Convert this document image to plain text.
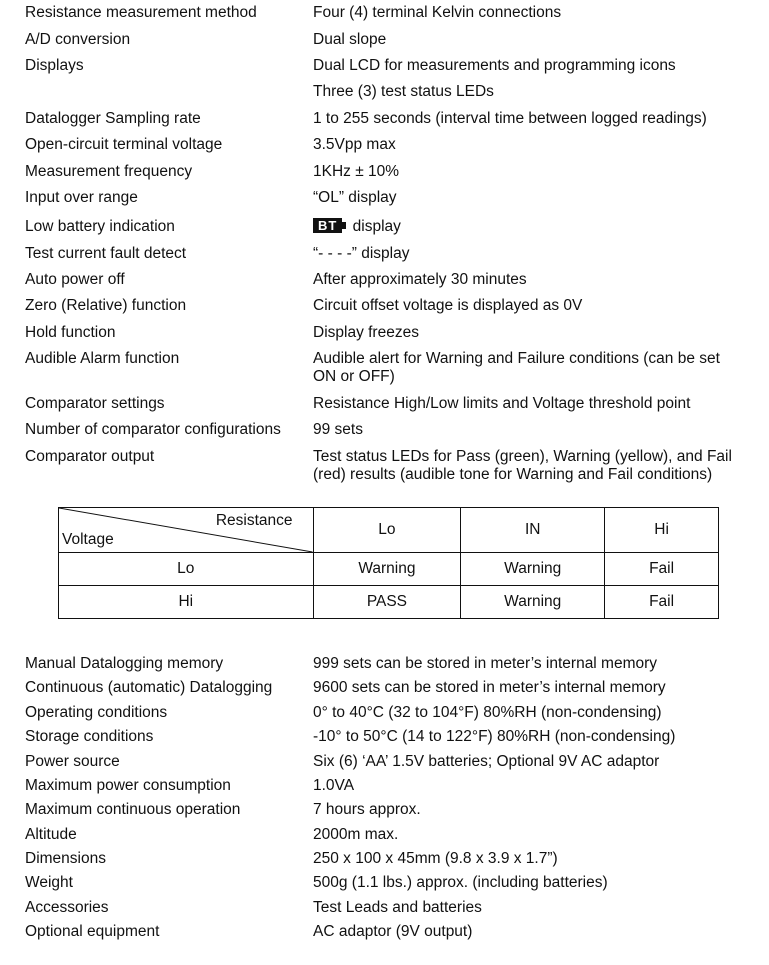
Resistance measurement method	Four (4) terminal Kelvin connections
A/D conversion	Dual slope
Displays	Dual LCD for measurements and programming icons
Three (3) test status LEDs
Datalogger Sampling rate	1 to 255 seconds (interval time between logged readings)
Open-circuit terminal voltage	3.5Vpp max
Measurement frequency	1KHz ± 10%
Input over range	“OL” display
Low battery indication	BT display
Test current fault detect	“- - - -” display
Auto power off	After approximately 30 minutes
Zero (Relative) function	Circuit offset voltage is displayed as 0V
Hold function	Display freezes
Audible Alarm function	Audible alert for Warning and Failure conditions (can be set ON or OFF)
Comparator settings	Resistance High/Low limits and Voltage threshold point
Number of comparator configurations 99 sets
Comparator output	Test status LEDs for Pass (green), Warning (yellow), and Fail (red) results (audible tone for Warning and Fail conditions)
Resistance
Voltage	Lo	IN	Hi
Lo	Warning	Warning	Fail
Hi	PASS	Warning	Fail
Manual Datalogging memory	999 sets can be stored in meter’s internal memory
Continuous (automatic) Datalogging	9600 sets can be stored in meter’s internal memory
Operating conditions	0° to 40°C (32 to 104°F) 80%RH (non-condensing)
Storage conditions	-10° to 50°C (14 to 122°F) 80%RH (non-condensing)
Power source	Six (6) ‘AA’ 1.5V batteries; Optional 9V AC adaptor
Maximum power consumption	1.0VA
Maximum continuous operation	7 hours approx.
Altitude	2000m max.
Dimensions	250 x 100 x 45mm (9.8 x 3.9 x 1.7”)
Weight	500g (1.1 lbs.) approx. (including batteries)
Accessories	Test Leads and batteries
Optional equipment	AC adaptor (9V output)
